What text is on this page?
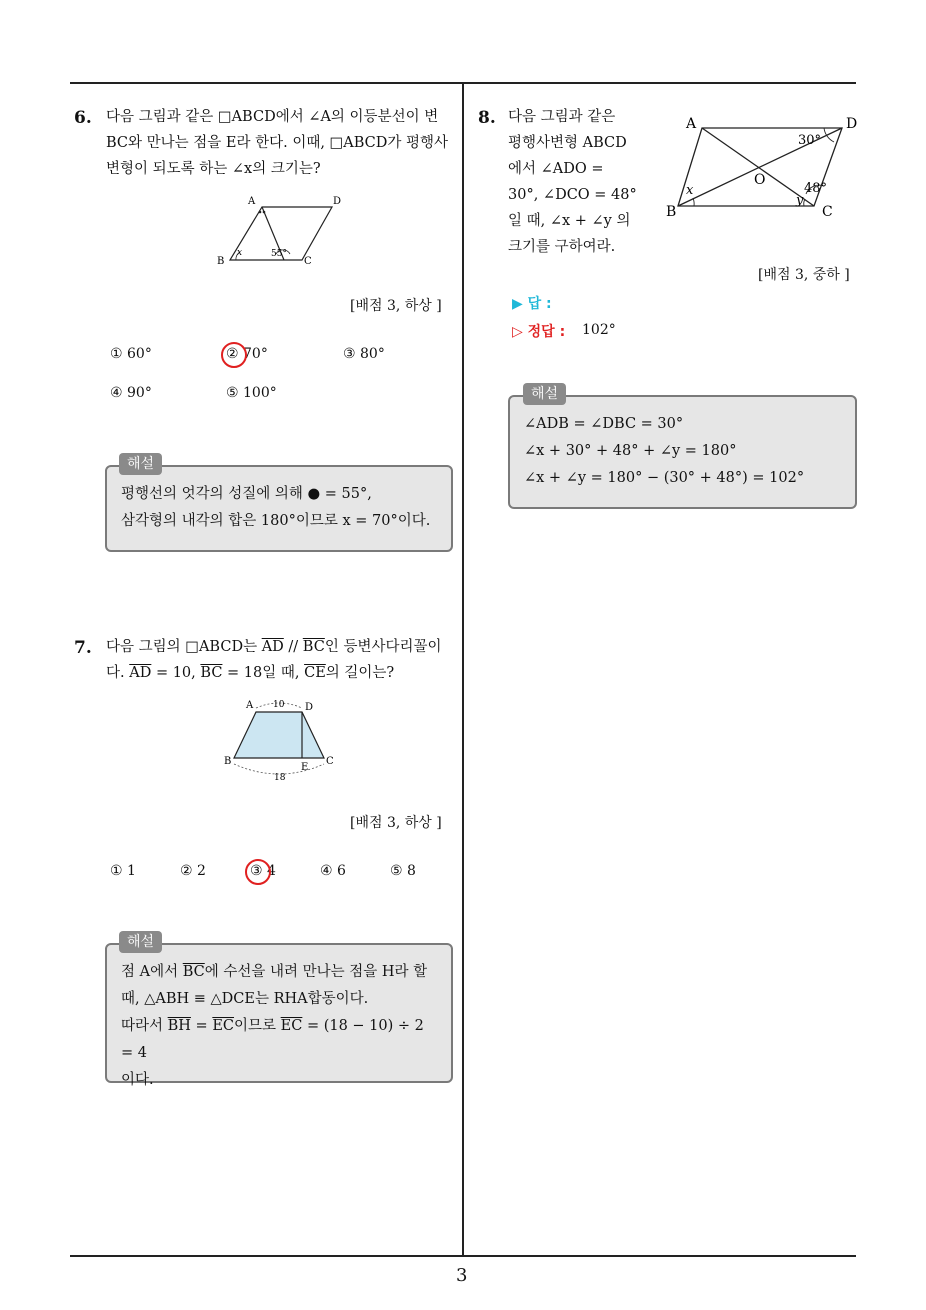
3
6. 다음 그림과 같은 □ABCD에서 ∠A의 이등분선이 변 BC와 만나는 점을 E라 한다. 이때, □ABCD가 평행사변형이 되도록 하는 ∠x의 크기는?
A	D
B	C
x	55°
[배점 3, 하상 ]
① 60°	② 70°	③ 80°
④ 90°	⑤ 100°
평행선의 엇각의 성질에 의해 ● = 55°,
삼각형의 내각의 합은 180°이므로 x = 70°이다.
해설
7. 다음 그림의 □ABCD는 $\overline{AD} // \overline{BC}$인 등변사다리꼴이
다. $\overline{AD} = 10$, $\overline{BC} = 18$일 때, $\overline{CE}$의 길이는?
A	D
B	C
E
10
18
[배점 3, 하상 ]
① 1	② 2	③ 4	④ 6	⑤ 8
점 A에서 $\overline{BC}$에 수선을 내려 만나는 점을 H라 할
때, △ABH ≡ △DCE는 RHA합동이다.
따라서 $\overline{BH} = \overline{EC}$이므로 $\overline{EC} = (18 - 10) \div 2 = 4$
이다.
해설
8. 다음 그림과 같은
평행사변형 ABCD
에서 ∠ADO =
30°, ∠DCO = 48°
일 때, ∠x + ∠y 의
크기를 구하여라.
A	D
B	C
O
x
y
30°
48°
[배점 3, 중하 ]
▶ 답 :
▷ 정답 : 102°
∠ADB = ∠DBC = 30°
∠x + 30° + 48° + ∠y = 180°
∠x + ∠y = 180° − (30° + 48°) = 102°
해설
